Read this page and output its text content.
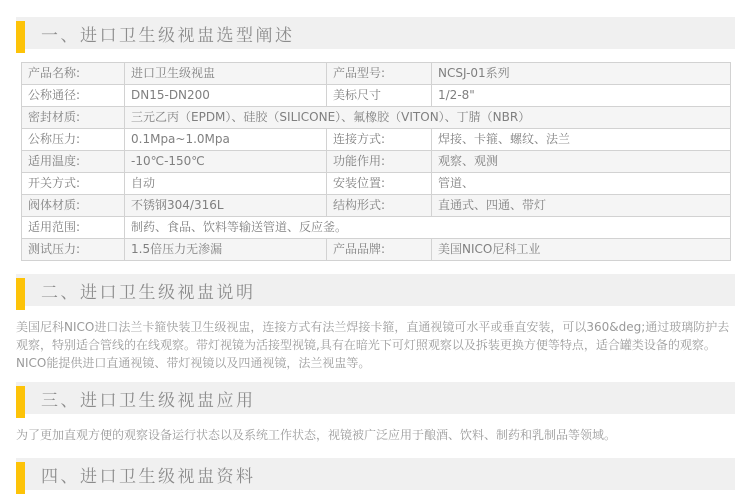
一、进口卫生级视盅选型阐述
产品名称:	进口卫生级视盅	产品型号:	NCSJ-01系列
公称通径:	DN15-DN200	美标尺寸	1/2-8"
密封材质:	三元乙丙（EPDM）、硅胶（SILICONE）、氟橡胶（VITON）、丁腈（NBR）		
公称压力:	0.1Mpa~1.0Mpa	连接方式:	焊接、卡箍、螺纹、法兰
适用温度:	-10℃-150℃	功能作用:	观察、观测
开关方式:	自动	安装位置:	管道、
阀体材质:	不锈钢304/316L	结构形式:	直通式、四通、带灯
适用范围:	制药、食品、饮料等输送管道、反应釜。		
测试压力:	1.5倍压力无渗漏	产品品牌:	美国NICO尼科工业
二、进口卫生级视盅说明

美国尼科NICO进口法兰卡箍快装卫生级视盅，连接方式有法兰焊接卡箍，直通视镜可水平或垂直安装，可以360&deg;通过玻璃防护去观察，特别适合管线的在线观察。带灯视镜为活接型视镜,具有在暗光下可灯照观察以及拆装更换方便等特点，适合罐类设备的观察。NICO能提供进口直通视镜、带灯视镜以及四通视镜，法兰视盅等。

三、进口卫生级视盅应用

为了更加直观方便的观察设备运行状态以及系统工作状态，视镜被广泛应用于酿酒、饮料、制药和乳制品等领域。

四、进口卫生级视盅资料
